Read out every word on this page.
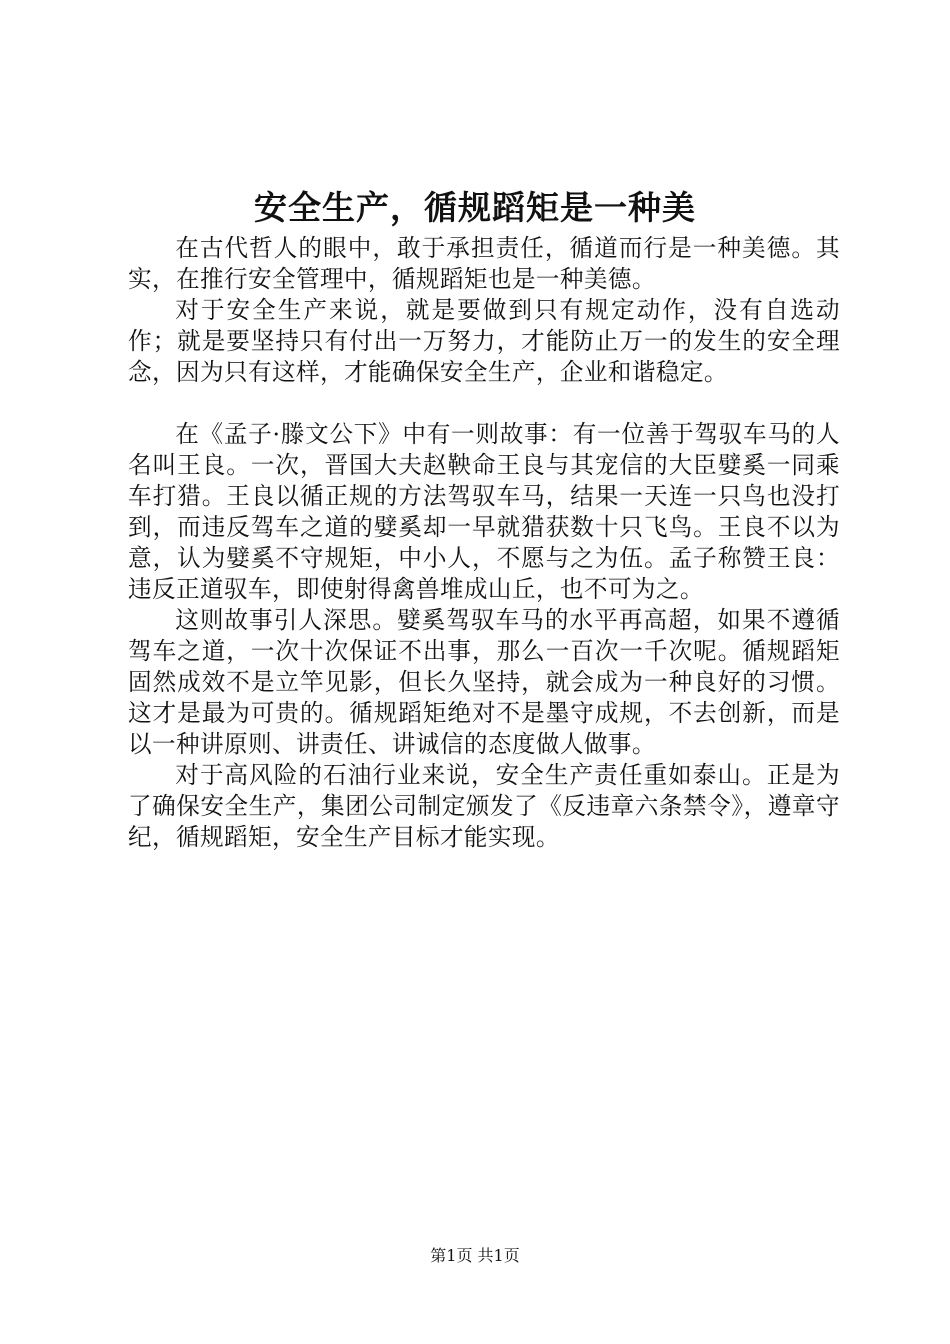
安全生产，循规蹈矩是一种美

在古代哲人的眼中，敢于承担责任，循道而行是一种美德。其实，在推行安全管理中，循规蹈矩也是一种美德。

对于安全生产来说，就是要做到只有规定动作，没有自选动作；就是要坚持只有付出一万努力，才能防止万一的发生的安全理念，因为只有这样，才能确保安全生产，企业和谐稳定。

在《孟子·滕文公下》中有一则故事：有一位善于驾驭车马的人名叫王良。一次，晋国大夫赵鞅命王良与其宠信的大臣嬖奚一同乘车打猎。王良以循正规的方法驾驭车马，结果一天连一只鸟也没打到，而违反驾车之道的嬖奚却一早就猎获数十只飞鸟。王良不以为意，认为嬖奚不守规矩，中小人，不愿与之为伍。孟子称赞王良：违反正道驭车，即使射得禽兽堆成山丘，也不可为之。

这则故事引人深思。嬖奚驾驭车马的水平再高超，如果不遵循驾车之道，一次十次保证不出事，那么一百次一千次呢。循规蹈矩固然成效不是立竿见影，但长久坚持，就会成为一种良好的习惯。这才是最为可贵的。循规蹈矩绝对不是墨守成规，不去创新，而是以一种讲原则、讲责任、讲诚信的态度做人做事。

对于高风险的石油行业来说，安全生产责任重如泰山。正是为了确保安全生产，集团公司制定颁发了《反违章六条禁令》，遵章守纪，循规蹈矩，安全生产目标才能实现。

第1页 共1页
